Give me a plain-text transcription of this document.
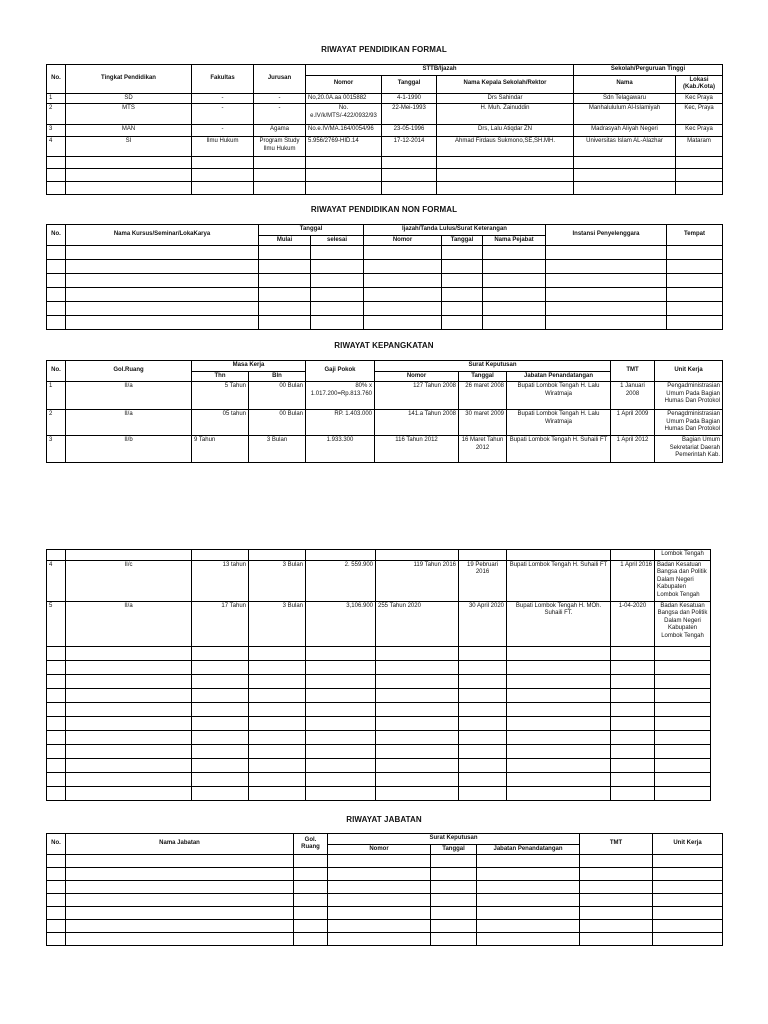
RIWAYAT PENDIDIKAN FORMAL
No.	Tingkat Pendidikan	Fakultas	Jurusan	STTB/Ijazah			Sekolah/Perguruan Tinggi	
				Nomor	Tanggal	Nama Kepala Sekolah/Rektor	Nama	Lokasi (Kab./Kota)
1	SD	-	-	No,20.0A.aa 0015882	4-1-1990	Drs Sahindar	Sdn Telagawaru	Kec Praya
2	MTS	-	-	No. e.IV/k/MTS/-422/0932/93	22-Mei-1993	H. Muh. Zainuddin	Manhalululum Al-Islamiyah	Kec, Praya
3	MAN	-	Agama	No.e.IV/MA.164/0054/96	23-05-1996	Drs, Lalu Atiqdar ZN	Madrasyah Aliyah Negeri	Kec Praya
4	SI	Ilmu Hukum	Program Study Ilmu Hukum	5.956/2769-HID.14	17-12-2014	Ahmad Firdaus Sukmono,SE,SH.MH.	Universitas Islam AL-Alazhar	Mataram

RIWAYAT PENDIDIKAN NON FORMAL
No.	Nama Kursus/Seminar/LokaKarya	Tanggal		Ijazah/Tanda Lulus/Surat Keterangan			Instansi Penyelenggara	Tempat
		Mulai	selesai	Nomor	Tanggal	Nama Pejabat		

RIWAYAT KEPANGKATAN
No.	Gol.Ruang	Masa Kerja		Gaji Pokok	Surat Keputusan			TMT	Unit Kerja
		Thn	Bln		Nomor	Tanggal	Jabatan Penandatangan		
1	II/a	5 Tahun	00 Bulan	80% x 1.017.200=Rp.813.760	127 Tahun 2008	26 maret 2008	Bupati Lombok Tengah H. Lalu Wiratmaja	1 Januari 2008	Pengadministrasian Umum Pada Bagian Humas Dan Protokol
2	II/a	05 tahun	00 Bulan	RP. 1.403.000	141.a Tahun 2008	30 maret 2009	Bupati Lombok Tengah H. Lalu Wiratmaja	1 April 2009	Penagdministrasian Umum Pada Bagian Humas Dan Protokol
3	II/b	9 Tahun	3 Bulan	1.933.300	116 Tahun 2012	16 Maret Tahun 2012	Bupati Lombok Tengah H. Suhaili FT	1 April 2012	Bagian Umum Sekretariat Daerah Pemerintah Kab.
									Lombok Tengah
4	II/c	13 tahun	3 Bulan	2. 559.900	119 Tahun 2016	19 Pebruari 2016	Bupati Lombok Tengah H. Suhaili FT	1 April 2016	Badan Kesatuan Bangsa dan Politik Dalam Negeri Kabupaten Lombok Tengah
5	II/a	17 Tahun	3 Bulan	3,106.900	255 Tahun 2020	30 April 2020	Bupati Lombok Tengah H. MOh. Suhaili FT.	1-04-2020	Badan Kesatuan Bangsa dan Politik Dalam Negeri Kabupaten Lombok Tengah

RIWAYAT JABATAN
No.	Nama Jabatan	Gol. Ruang	Surat Keputusan			TMT	Unit Kerja
			Nomor	Tanggal	Jabatan Penandatangan		
